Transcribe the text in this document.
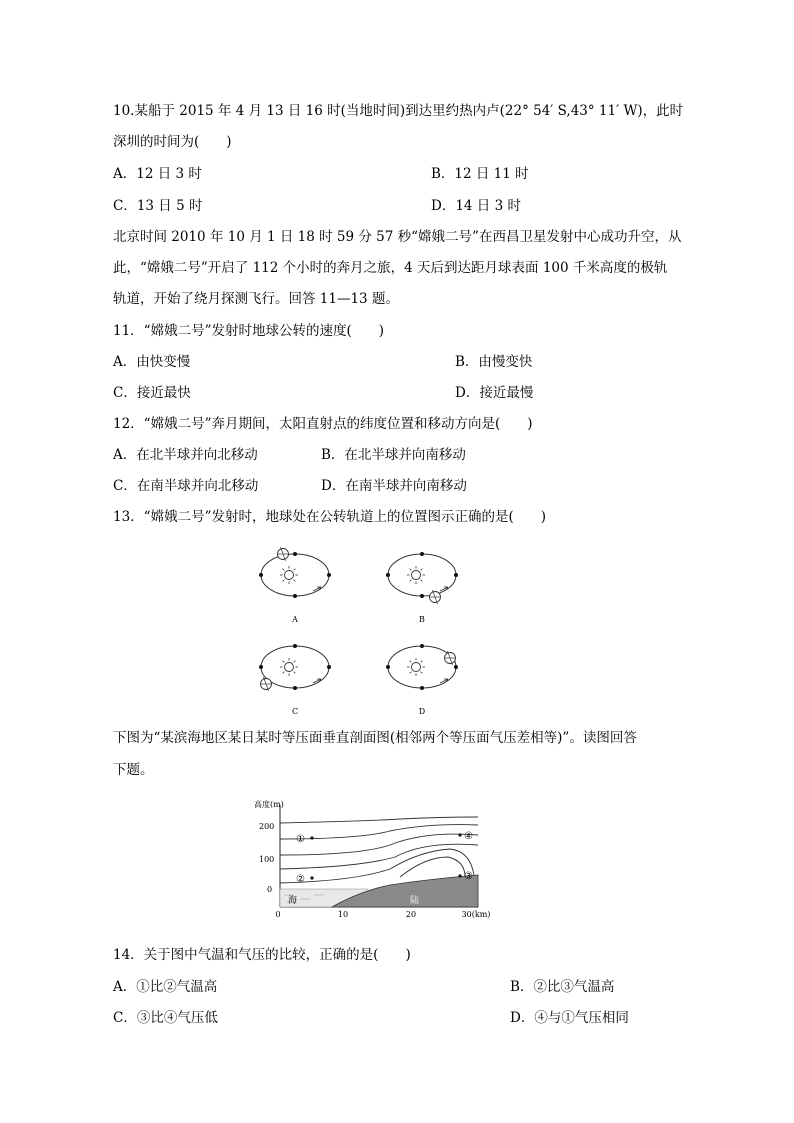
10.某船于 2015 年 4 月 13 日 16 时(当地时间)到达里约热内卢(22° 54′ S,43° 11′ W)，此时
深圳的时间为(　　)
A．12 日 3 时	B．12 日 11 时
C．13 日 5 时	D．14 日 3 时
北京时间 2010 年 10 月 1 日 18 时 59 分 57 秒“嫦娥二号”在西昌卫星发射中心成功升空，从
此，“嫦娥二号”开启了 112 个小时的奔月之旅，4 天后到达距月球表面 100 千米高度的极轨
轨道，开始了绕月探测飞行。回答 11—13 题。
11．“嫦娥二号”发射时地球公转的速度(　　)
A．由快变慢	B．由慢变快
C．接近最快	D．接近最慢
12．“嫦娥二号”奔月期间，太阳直射点的纬度位置和移动方向是(　　)
A．在北半球并向北移动	B．在北半球并向南移动
C．在南半球并向北移动	D．在南半球并向南移动
13．“嫦娥二号”发射时，地球处在公转轨道上的位置图示正确的是(　　)
A	B
C	D
下图为“某滨海地区某日某时等压面垂直剖面图(相邻两个等压面气压差相等)”。读图回答
下题。
高度(m)
200
100
0
0	10	20	30(km)
海	陆
①
②	③
④
14．关于图中气温和气压的比较，正确的是(　　)
A．①比②气温高	B．②比③气温高
C．③比④气压低	D．④与①气压相同
